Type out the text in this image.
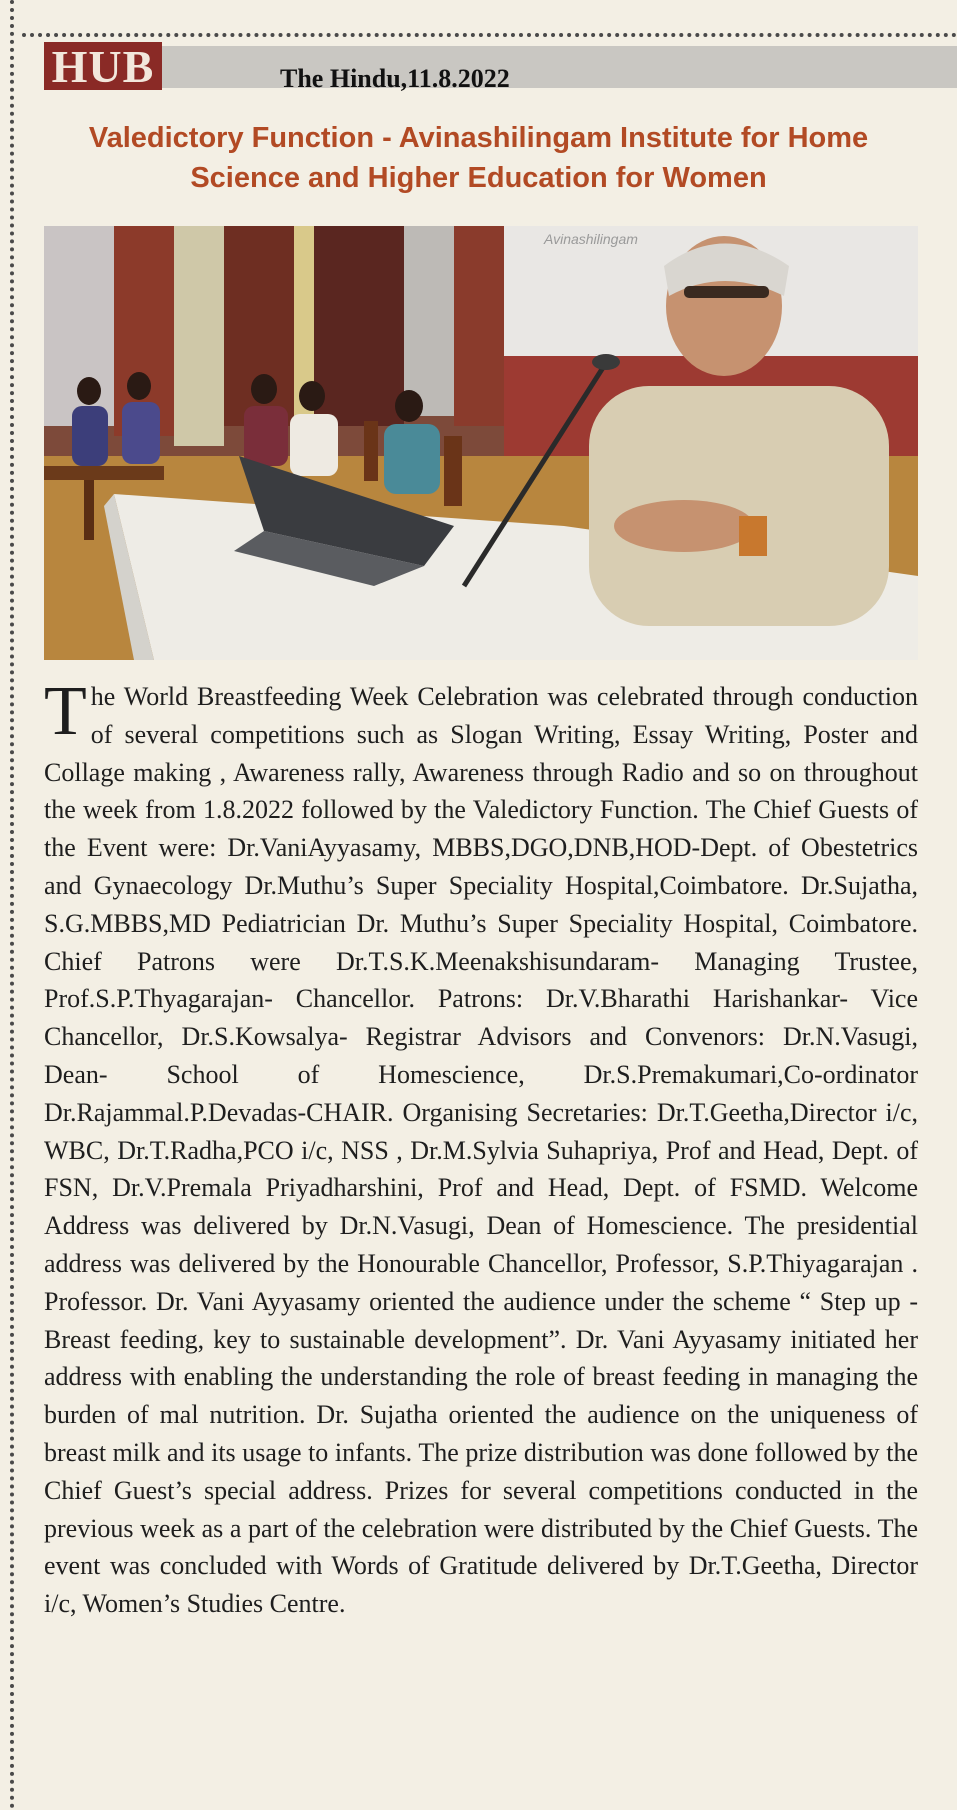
HUB	The Hindu,11.8.2022
Valedictory Function - Avinashilingam Institute for Home
Science and Higher Education for Women
Avinashilingam
The World Breastfeeding Week Celebration was celebrated through conduction of several competitions such as Slogan Writing, Essay Writing, Poster and Collage making , Awareness rally, Awareness through Radio and so on throughout the week from 1.8.2022 followed by the Valedictory Function. The Chief Guests of the Event were: Dr.VaniAyyasamy, MBBS,DGO,DNB,HOD-Dept. of Obestetrics and Gynaecology Dr.Muthu’s Super Speciality Hospital,Coimbatore. Dr.Sujatha, S.G.MBBS,MD Pediatrician Dr. Muthu’s Super Speciality Hospital, Coimbatore. Chief Patrons were Dr.T.S.K.Meenakshisundaram- Managing Trustee, Prof.S.P.Thyagarajan- Chancellor. Patrons: Dr.V.Bharathi Harishankar- Vice Chancellor, Dr.S.Kowsalya- Registrar Advisors and Convenors: Dr.N.Vasugi, Dean- School of Homescience, Dr.S.Premakumari,Co-ordinator Dr.Rajammal.P.Devadas-CHAIR. Organising Secretaries: Dr.T.Geetha,Director i/c, WBC, Dr.T.Radha,PCO i/c, NSS , Dr.M.Sylvia Suhapriya, Prof and Head, Dept. of FSN, Dr.V.Premala Priyadharshini, Prof and Head, Dept. of FSMD. Welcome Address was delivered by Dr.N.Vasugi, Dean of Homescience. The presidential address was delivered by the Honourable Chancellor, Professor, S.P.Thiyagarajan . Professor. Dr. Vani Ayyasamy oriented the audience under the scheme “ Step up - Breast feeding, key to sustainable development”. Dr. Vani Ayyasamy initiated her address with enabling the understanding the role of breast feeding in managing the burden of mal nutrition. Dr. Sujatha oriented the audience on the uniqueness of breast milk and its usage to infants. The prize distribution was done followed by the Chief Guest’s special address. Prizes for several competitions conducted in the previous week as a part of the celebration were distributed by the Chief Guests. The event was concluded with Words of Gratitude delivered by Dr.T.Geetha, Director i/c, Women’s Studies Centre.
